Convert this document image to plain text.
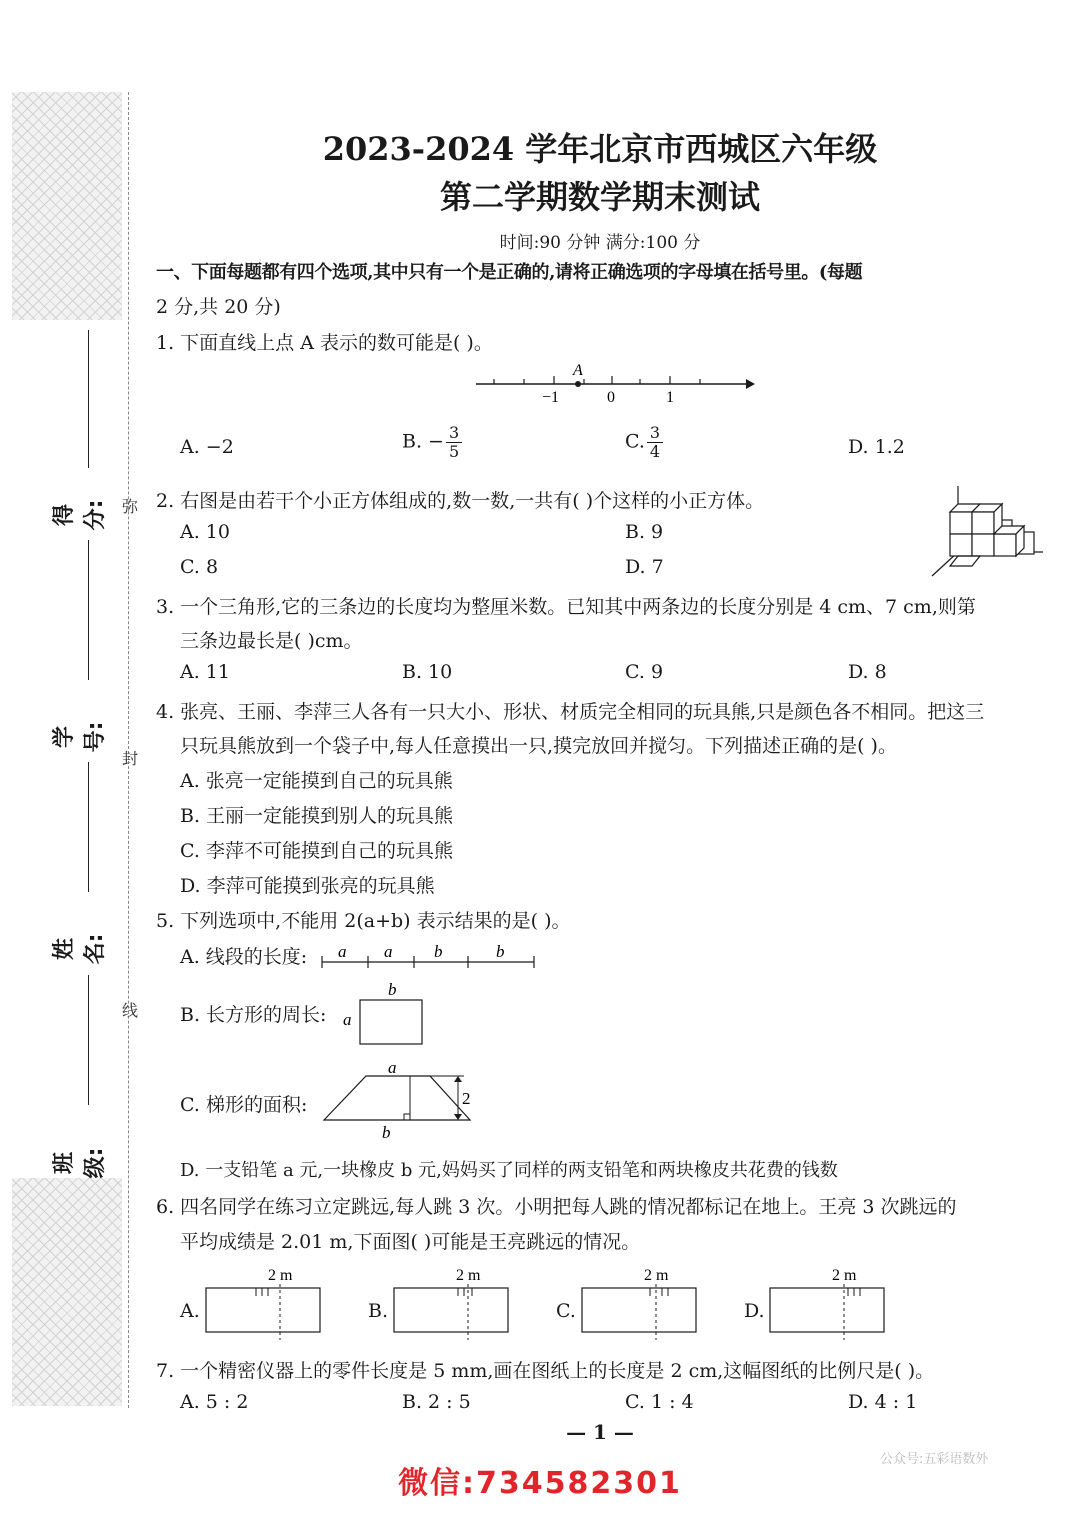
得分:
学号:
姓名:
班级:
弥
封
线
2023-2024 学年北京市西城区六年级
第二学期数学期末测试
时间:90 分钟 满分:100 分
一、下面每题都有四个选项,其中只有一个是正确的,请将正确选项的字母填在括号里。(每题
2 分,共 20 分)
1. 下面直线上点 A 表示的数可能是( )。
A
−1	0	1
A. −2	B. − $\frac{3}{5}$	C. $\frac{3}{4}$	D. 1.2
2. 右图是由若干个小正方体组成的,数一数,一共有( )个这样的小正方体。
A. 10	B. 9
C. 8	D. 7
3. 一个三角形,它的三条边的长度均为整厘米数。已知其中两条边的长度分别是 4 cm、7 cm,则第
三条边最长是( )cm。
A. 11	B. 10	C. 9	D. 8
4. 张亮、王丽、李萍三人各有一只大小、形状、材质完全相同的玩具熊,只是颜色各不相同。把这三
只玩具熊放到一个袋子中,每人任意摸出一只,摸完放回并搅匀。下列描述正确的是( )。
A. 张亮一定能摸到自己的玩具熊
B. 王丽一定能摸到别人的玩具熊
C. 李萍不可能摸到自己的玩具熊
D. 李萍可能摸到张亮的玩具熊
5. 下列选项中,不能用 2(a+b) 表示结果的是( )。
A. 线段的长度: a a b	b
B. 长方形的周长:
b
a
C. 梯形的面积:
a
b
2
D. 一支铅笔 a 元,一块橡皮 b 元,妈妈买了同样的两支铅笔和两块橡皮共花费的钱数
6. 四名同学在练习立定跳远,每人跳 3 次。小明把每人跳的情况都标记在地上。王亮 3 次跳远的
平均成绩是 2.01 m,下面图( )可能是王亮跳远的情况。
A.
2 m
B.
2 m
C.
2 m
D.
2 m
7. 一个精密仪器上的零件长度是 5 mm,画在图纸上的长度是 2 cm,这幅图纸的比例尺是( )。
A. 5 : 2	B. 2 : 5	C. 1 : 4	D. 4 : 1
— 1 —
公众号:五彩语数外
微信:734582301
